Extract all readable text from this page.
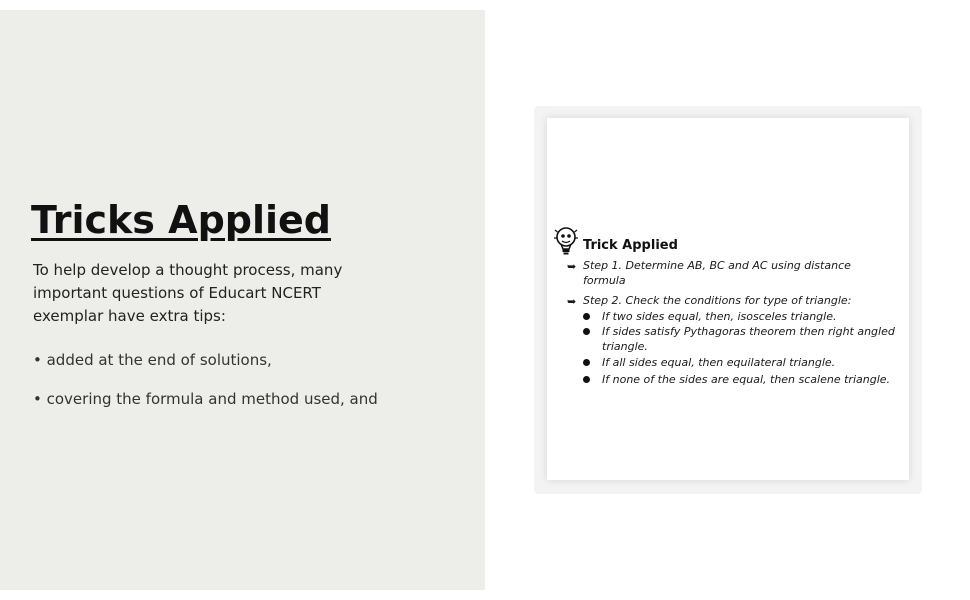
Tricks Applied

To help develop a thought process, many important questions of Educart NCERT exemplar have extra tips:

• added at the end of solutions,

• covering the formula and method used, and

Trick Applied

➥ Step 1. Determine AB, BC and AC using distance formula

➥ Step 2. Check the conditions for type of triangle:

If two sides equal, then, isosceles triangle.

If sides satisfy Pythagoras theorem then right angled triangle.

If all sides equal, then equilateral triangle.

If none of the sides are equal, then scalene triangle.
